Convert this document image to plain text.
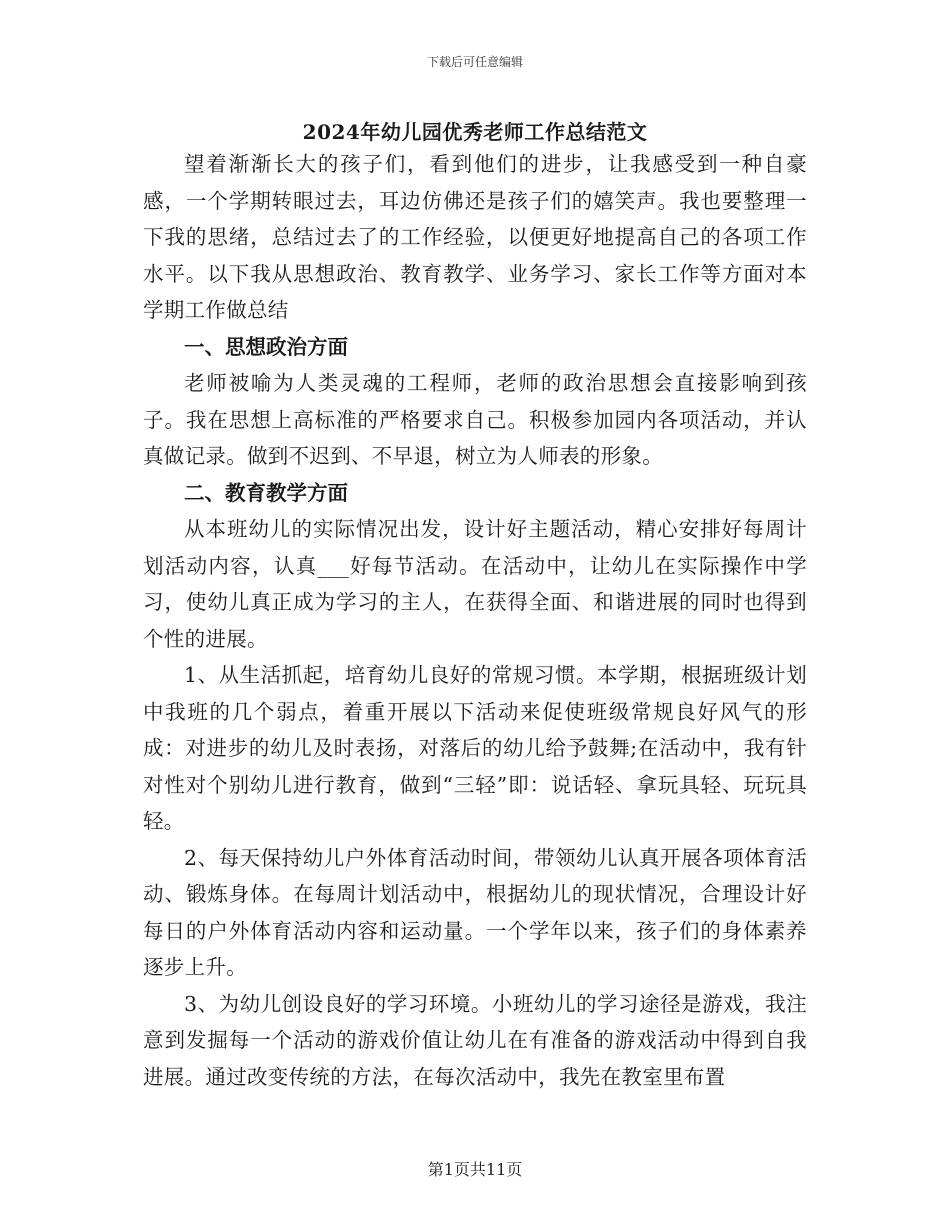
下载后可任意编辑
2024年幼儿园优秀老师工作总结范文

望着渐渐长大的孩子们，看到他们的进步，让我感受到一种自豪感，一个学期转眼过去，耳边仿佛还是孩子们的嬉笑声。我也要整理一下我的思绪，总结过去了的工作经验，以便更好地提高自己的各项工作水平。以下我从思想政治、教育教学、业务学习、家长工作等方面对本学期工作做总结

一、思想政治方面

老师被喻为人类灵魂的工程师，老师的政治思想会直接影响到孩子。我在思想上高标准的严格要求自己。积极参加园内各项活动，并认真做记录。做到不迟到、不早退，树立为人师表的形象。

二、教育教学方面

从本班幼儿的实际情况出发，设计好主题活动，精心安排好每周计划活动内容，认真___好每节活动。在活动中，让幼儿在实际操作中学习，使幼儿真正成为学习的主人，在获得全面、和谐进展的同时也得到个性的进展。

1、从生活抓起，培育幼儿良好的常规习惯。本学期，根据班级计划中我班的几个弱点，着重开展以下活动来促使班级常规良好风气的形成：对进步的幼儿及时表扬，对落后的幼儿给予鼓舞;在活动中，我有针对性对个别幼儿进行教育，做到“三轻”即：说话轻、拿玩具轻、玩玩具轻。

2、每天保持幼儿户外体育活动时间，带领幼儿认真开展各项体育活动、锻炼身体。在每周计划活动中，根据幼儿的现状情况，合理设计好每日的户外体育活动内容和运动量。一个学年以来，孩子们的身体素养逐步上升。

3、为幼儿创设良好的学习环境。小班幼儿的学习途径是游戏，我注意到发掘每一个活动的游戏价值让幼儿在有准备的游戏活动中得到自我进展。通过改变传统的方法，在每次活动中，我先在教室里布置

第1页共11页
